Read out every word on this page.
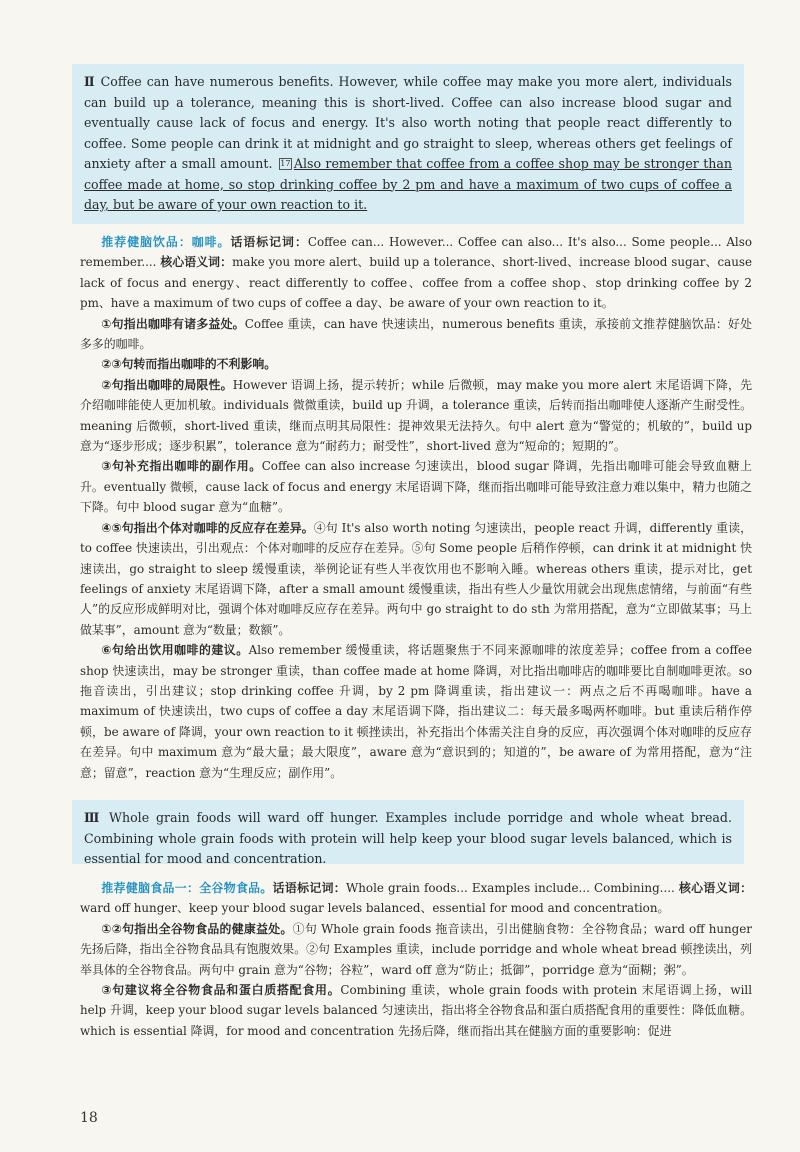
Ⅱ Coffee can have numerous benefits. However, while coffee may make you more alert, individuals can build up a tolerance, meaning this is short-lived. Coffee can also increase blood sugar and eventually cause lack of focus and energy. It's also worth noting that people react differently to coffee. Some people can drink it at midnight and go straight to sleep, whereas others get feelings of anxiety after a small amount. 17 Also remember that coffee from a coffee shop may be stronger than coffee made at home, so stop drinking coffee by 2 pm and have a maximum of two cups of coffee a day, but be aware of your own reaction to it.

推荐健脑饮品：咖啡。话语标记词：Coffee can... However... Coffee can also... It's also... Some people... Also remember.... 核心语义词：make you more alert、build up a tolerance、short-lived、increase blood sugar、cause lack of focus and energy、react differently to coffee、coffee from a coffee shop、stop drinking coffee by 2 pm、have a maximum of two cups of coffee a day、be aware of your own reaction to it。

①句指出咖啡有诸多益处。Coffee 重读，can have 快速读出，numerous benefits 重读，承接前文推荐健脑饮品：好处多多的咖啡。

②③句转而指出咖啡的不利影响。

②句指出咖啡的局限性。However 语调上扬，提示转折；while 后微顿，may make you more alert 末尾语调下降，先介绍咖啡能使人更加机敏。individuals 微微重读，build up 升调，a tolerance 重读，后转而指出咖啡使人逐渐产生耐受性。meaning 后微顿，short-lived 重读，继而点明其局限性：提神效果无法持久。句中 alert 意为“警觉的；机敏的”，build up 意为“逐步形成；逐步积累”，tolerance 意为“耐药力；耐受性”，short-lived 意为“短命的；短期的”。

③句补充指出咖啡的副作用。Coffee can also increase 匀速读出，blood sugar 降调，先指出咖啡可能会导致血糖上升。eventually 微顿，cause lack of focus and energy 末尾语调下降，继而指出咖啡可能导致注意力难以集中，精力也随之下降。句中 blood sugar 意为“血糖”。

④⑤句指出个体对咖啡的反应存在差异。④句 It's also worth noting 匀速读出，people react 升调，differently 重读，to coffee 快速读出，引出观点：个体对咖啡的反应存在差异。⑤句 Some people 后稍作停顿，can drink it at midnight 快速读出，go straight to sleep 缓慢重读，举例论证有些人半夜饮用也不影响入睡。whereas others 重读，提示对比，get feelings of anxiety 末尾语调下降，after a small amount 缓慢重读，指出有些人少量饮用就会出现焦虑情绪，与前面“有些人”的反应形成鲜明对比，强调个体对咖啡反应存在差异。两句中 go straight to do sth 为常用搭配，意为“立即做某事；马上做某事”，amount 意为“数量；数额”。

⑥句给出饮用咖啡的建议。Also remember 缓慢重读，将话题聚焦于不同来源咖啡的浓度差异；coffee from a coffee shop 快速读出，may be stronger 重读，than coffee made at home 降调，对比指出咖啡店的咖啡要比自制咖啡更浓。so 拖音读出，引出建议；stop drinking coffee 升调，by 2 pm 降调重读，指出建议一：两点之后不再喝咖啡。have a maximum of 快速读出，two cups of coffee a day 末尾语调下降，指出建议二：每天最多喝两杯咖啡。but 重读后稍作停顿，be aware of 降调，your own reaction to it 顿挫读出，补充指出个体需关注自身的反应，再次强调个体对咖啡的反应存在差异。句中 maximum 意为“最大量；最大限度”，aware 意为“意识到的；知道的”，be aware of 为常用搭配，意为“注意；留意”，reaction 意为“生理反应；副作用”。

Ⅲ Whole grain foods will ward off hunger. Examples include porridge and whole wheat bread. Combining whole grain foods with protein will help keep your blood sugar levels balanced, which is essential for mood and concentration.

推荐健脑食品一：全谷物食品。话语标记词：Whole grain foods... Examples include... Combining.... 核心语义词：ward off hunger、keep your blood sugar levels balanced、essential for mood and concentration。

①②句指出全谷物食品的健康益处。①句 Whole grain foods 拖音读出，引出健脑食物：全谷物食品；ward off hunger 先扬后降，指出全谷物食品具有饱腹效果。②句 Examples 重读，include porridge and whole wheat bread 顿挫读出，列举具体的全谷物食品。两句中 grain 意为“谷物；谷粒”，ward off 意为“防止；抵御”，porridge 意为“面糊；粥”。

③句建议将全谷物食品和蛋白质搭配食用。Combining 重读，whole grain foods with protein 末尾语调上扬，will help 升调，keep your blood sugar levels balanced 匀速读出，指出将全谷物食品和蛋白质搭配食用的重要性：降低血糖。which is essential 降调，for mood and concentration 先扬后降，继而指出其在健脑方面的重要影响：促进

18
